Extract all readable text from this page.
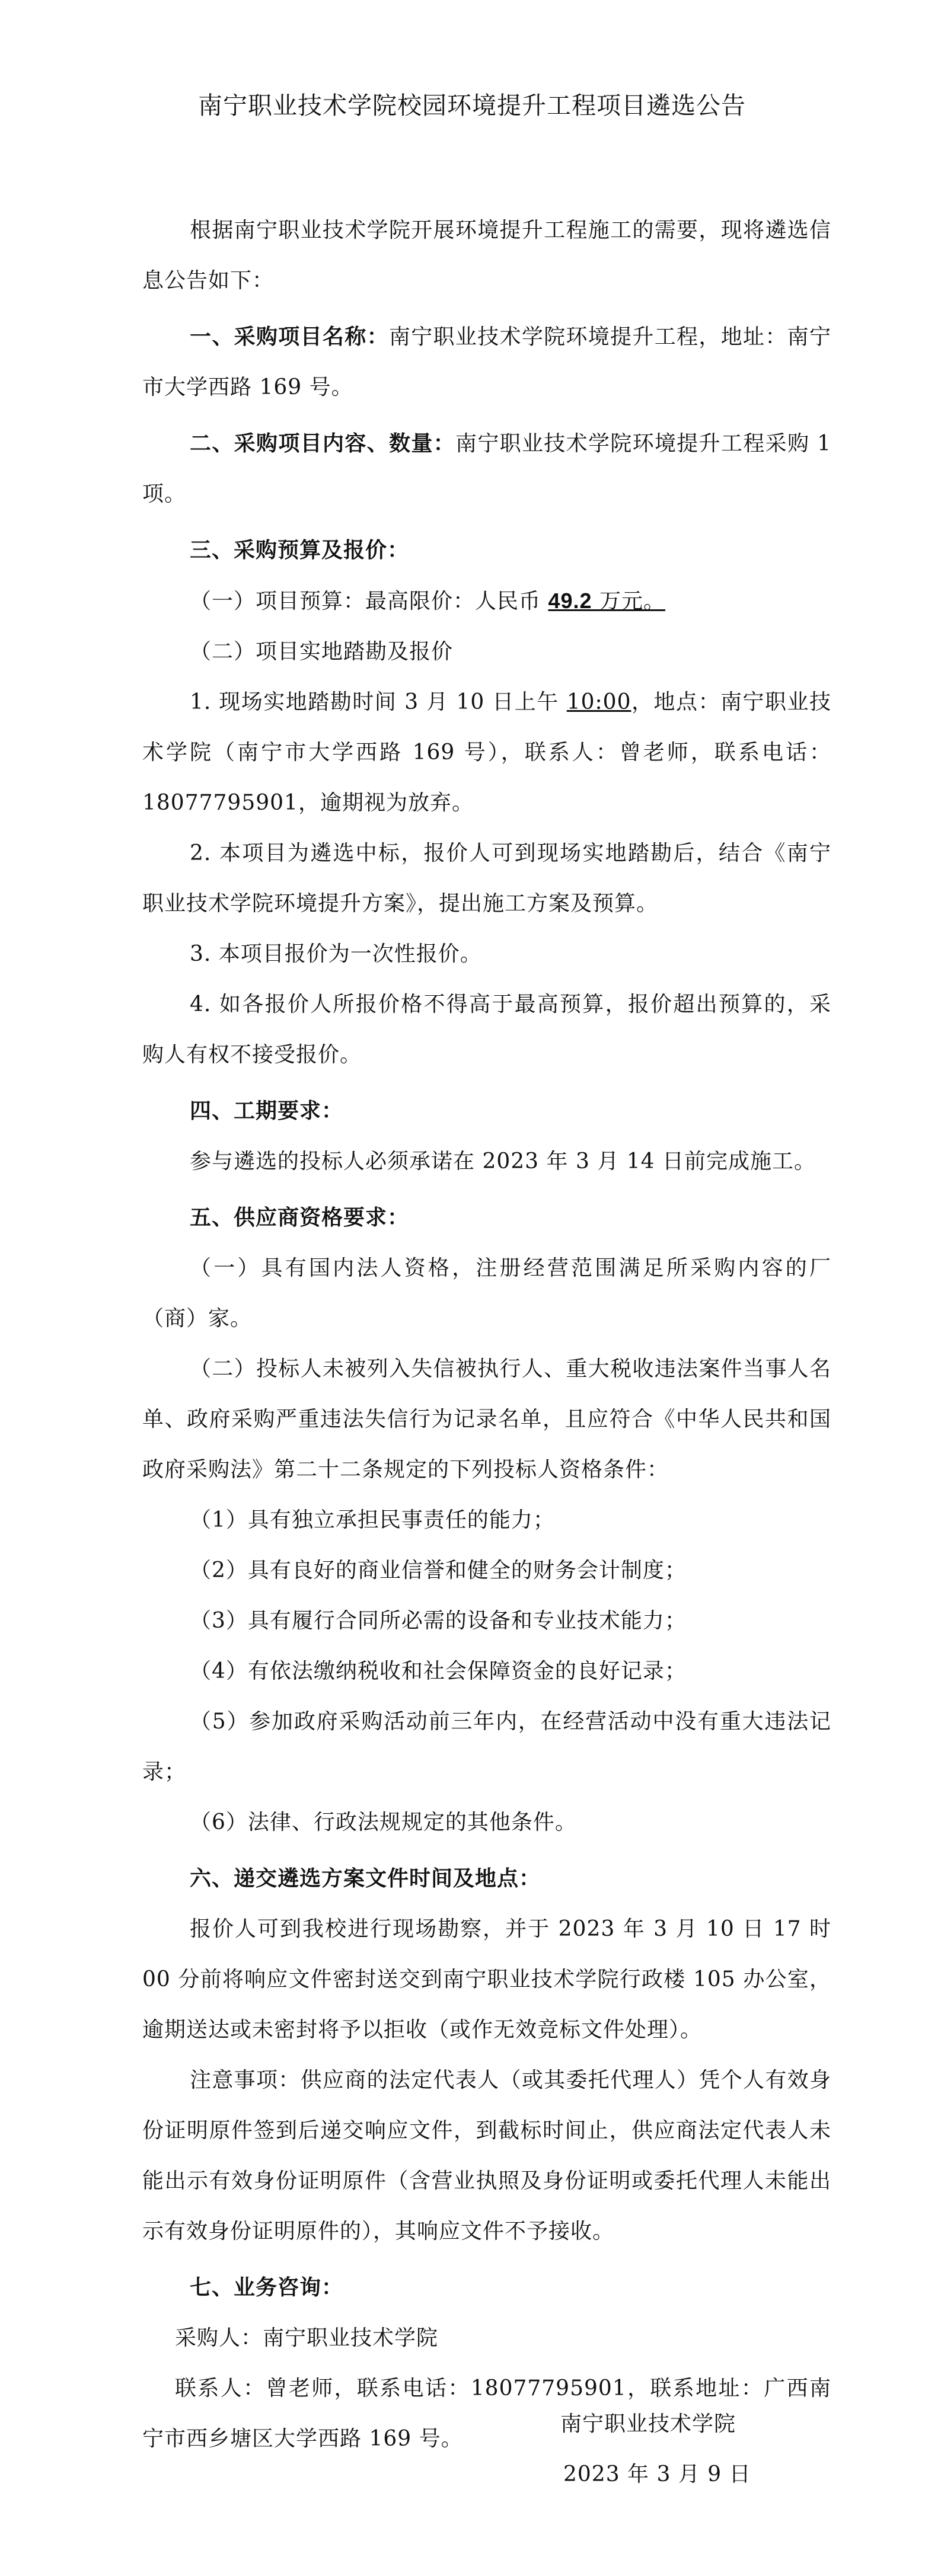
南宁职业技术学院校园环境提升工程项目遴选公告

根据南宁职业技术学院开展环境提升工程施工的需要，现将遴选信息公告如下：

一、采购项目名称：南宁职业技术学院环境提升工程，地址：南宁市大学西路 169 号。

二、采购项目内容、数量：南宁职业技术学院环境提升工程采购 1 项。

三、采购预算及报价：

（一）项目预算：最高限价：人民币 49.2 万元。

（二）项目实地踏勘及报价

1. 现场实地踏勘时间 3 月 10 日上午 10:00，地点：南宁职业技术学院（南宁市大学西路 169 号），联系人：曾老师，联系电话：18077795901，逾期视为放弃。

2. 本项目为遴选中标，报价人可到现场实地踏勘后，结合《南宁职业技术学院环境提升方案》，提出施工方案及预算。

3. 本项目报价为一次性报价。

4. 如各报价人所报价格不得高于最高预算，报价超出预算的，采购人有权不接受报价。

四、工期要求：

参与遴选的投标人必须承诺在 2023 年 3 月 14 日前完成施工。

五、供应商资格要求：

（一）具有国内法人资格，注册经营范围满足所采购内容的厂（商）家。

（二）投标人未被列入失信被执行人、重大税收违法案件当事人名单、政府采购严重违法失信行为记录名单，且应符合《中华人民共和国政府采购法》第二十二条规定的下列投标人资格条件：

（1）具有独立承担民事责任的能力；

（2）具有良好的商业信誉和健全的财务会计制度；

（3）具有履行合同所必需的设备和专业技术能力；

（4）有依法缴纳税收和社会保障资金的良好记录；

（5）参加政府采购活动前三年内，在经营活动中没有重大违法记录；

（6）法律、行政法规规定的其他条件。

六、递交遴选方案文件时间及地点：

报价人可到我校进行现场勘察，并于 2023 年 3 月 10 日 17 时 00 分前将响应文件密封送交到南宁职业技术学院行政楼 105 办公室，逾期送达或未密封将予以拒收（或作无效竞标文件处理）。

注意事项：供应商的法定代表人（或其委托代理人）凭个人有效身份证明原件签到后递交响应文件，到截标时间止，供应商法定代表人未能出示有效身份证明原件（含营业执照及身份证明或委托代理人未能出示有效身份证明原件的），其响应文件不予接收。

七、业务咨询：

采购人：南宁职业技术学院

联系人：曾老师，联系电话：18077795901，联系地址：广西南宁市西乡塘区大学西路 169 号。

南宁职业技术学院
2023 年 3 月 9 日
